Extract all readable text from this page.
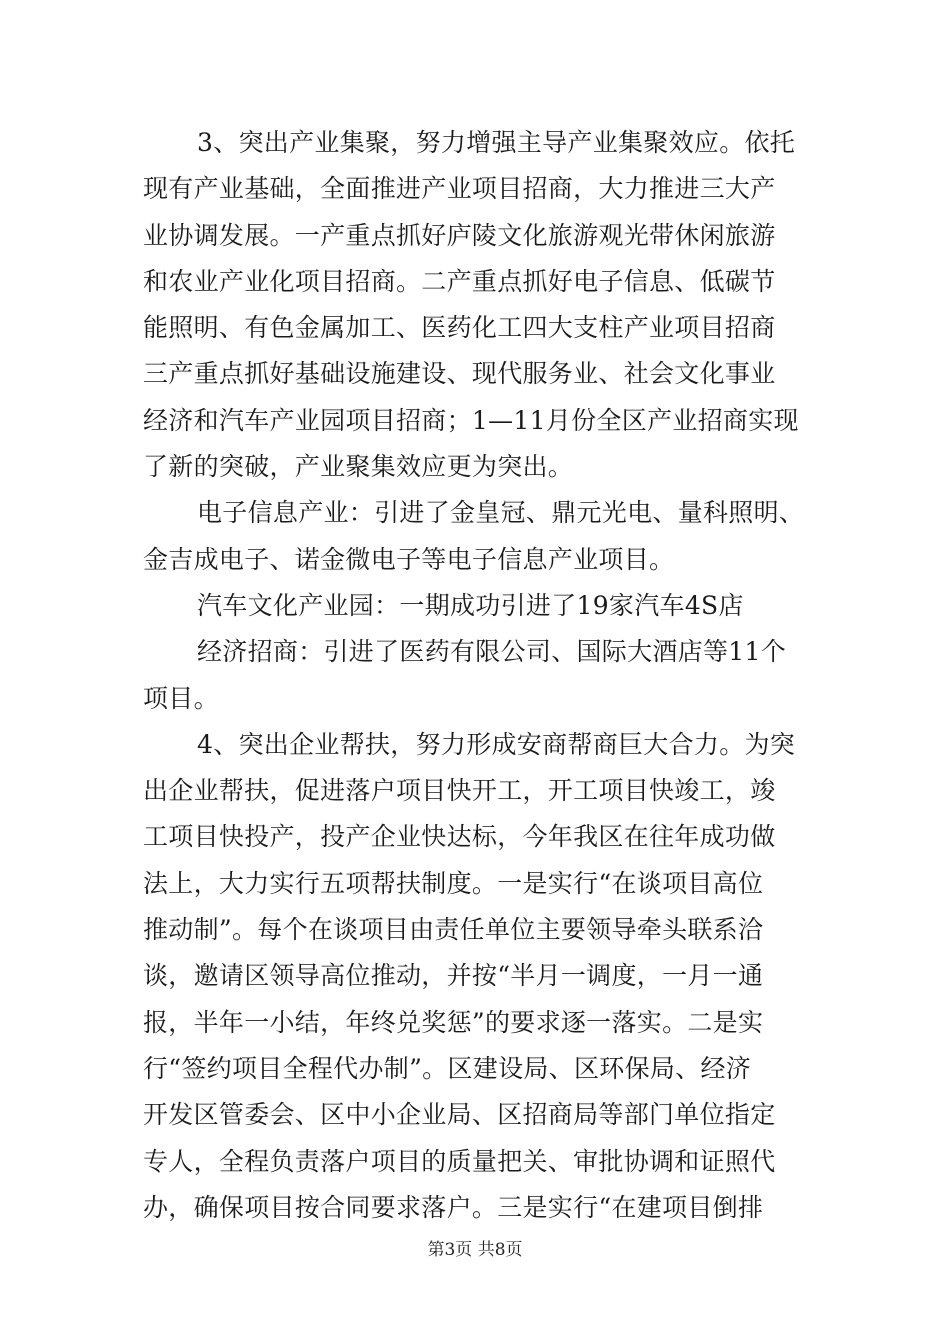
3、突出产业集聚，努力增强主导产业集聚效应。依托
现有产业基础，全面推进产业项目招商，大力推进三大产
业协调发展。一产重点抓好庐陵文化旅游观光带休闲旅游
和农业产业化项目招商。二产重点抓好电子信息、低碳节
能照明、有色金属加工、医药化工四大支柱产业项目招商
三产重点抓好基础设施建设、现代服务业、社会文化事业
经济和汽车产业园项目招商；1—11月份全区产业招商实现
了新的突破，产业聚集效应更为突出。
电子信息产业：引进了金皇冠、鼎元光电、量科照明、
金吉成电子、诺金微电子等电子信息产业项目。
汽车文化产业园：一期成功引进了19家汽车4S店
经济招商：引进了医药有限公司、国际大酒店等11个
项目。
4、突出企业帮扶，努力形成安商帮商巨大合力。为突
出企业帮扶，促进落户项目快开工，开工项目快竣工，竣
工项目快投产，投产企业快达标，今年我区在往年成功做
法上，大力实行五项帮扶制度。一是实行“在谈项目高位
推动制”。每个在谈项目由责任单位主要领导牵头联系洽
谈，邀请区领导高位推动，并按“半月一调度，一月一通
报，半年一小结，年终兑奖惩”的要求逐一落实。二是实
行“签约项目全程代办制”。区建设局、区环保局、经济
开发区管委会、区中小企业局、区招商局等部门单位指定
专人，全程负责落户项目的质量把关、审批协调和证照代
办，确保项目按合同要求落户。三是实行“在建项目倒排
第3页 共8页
